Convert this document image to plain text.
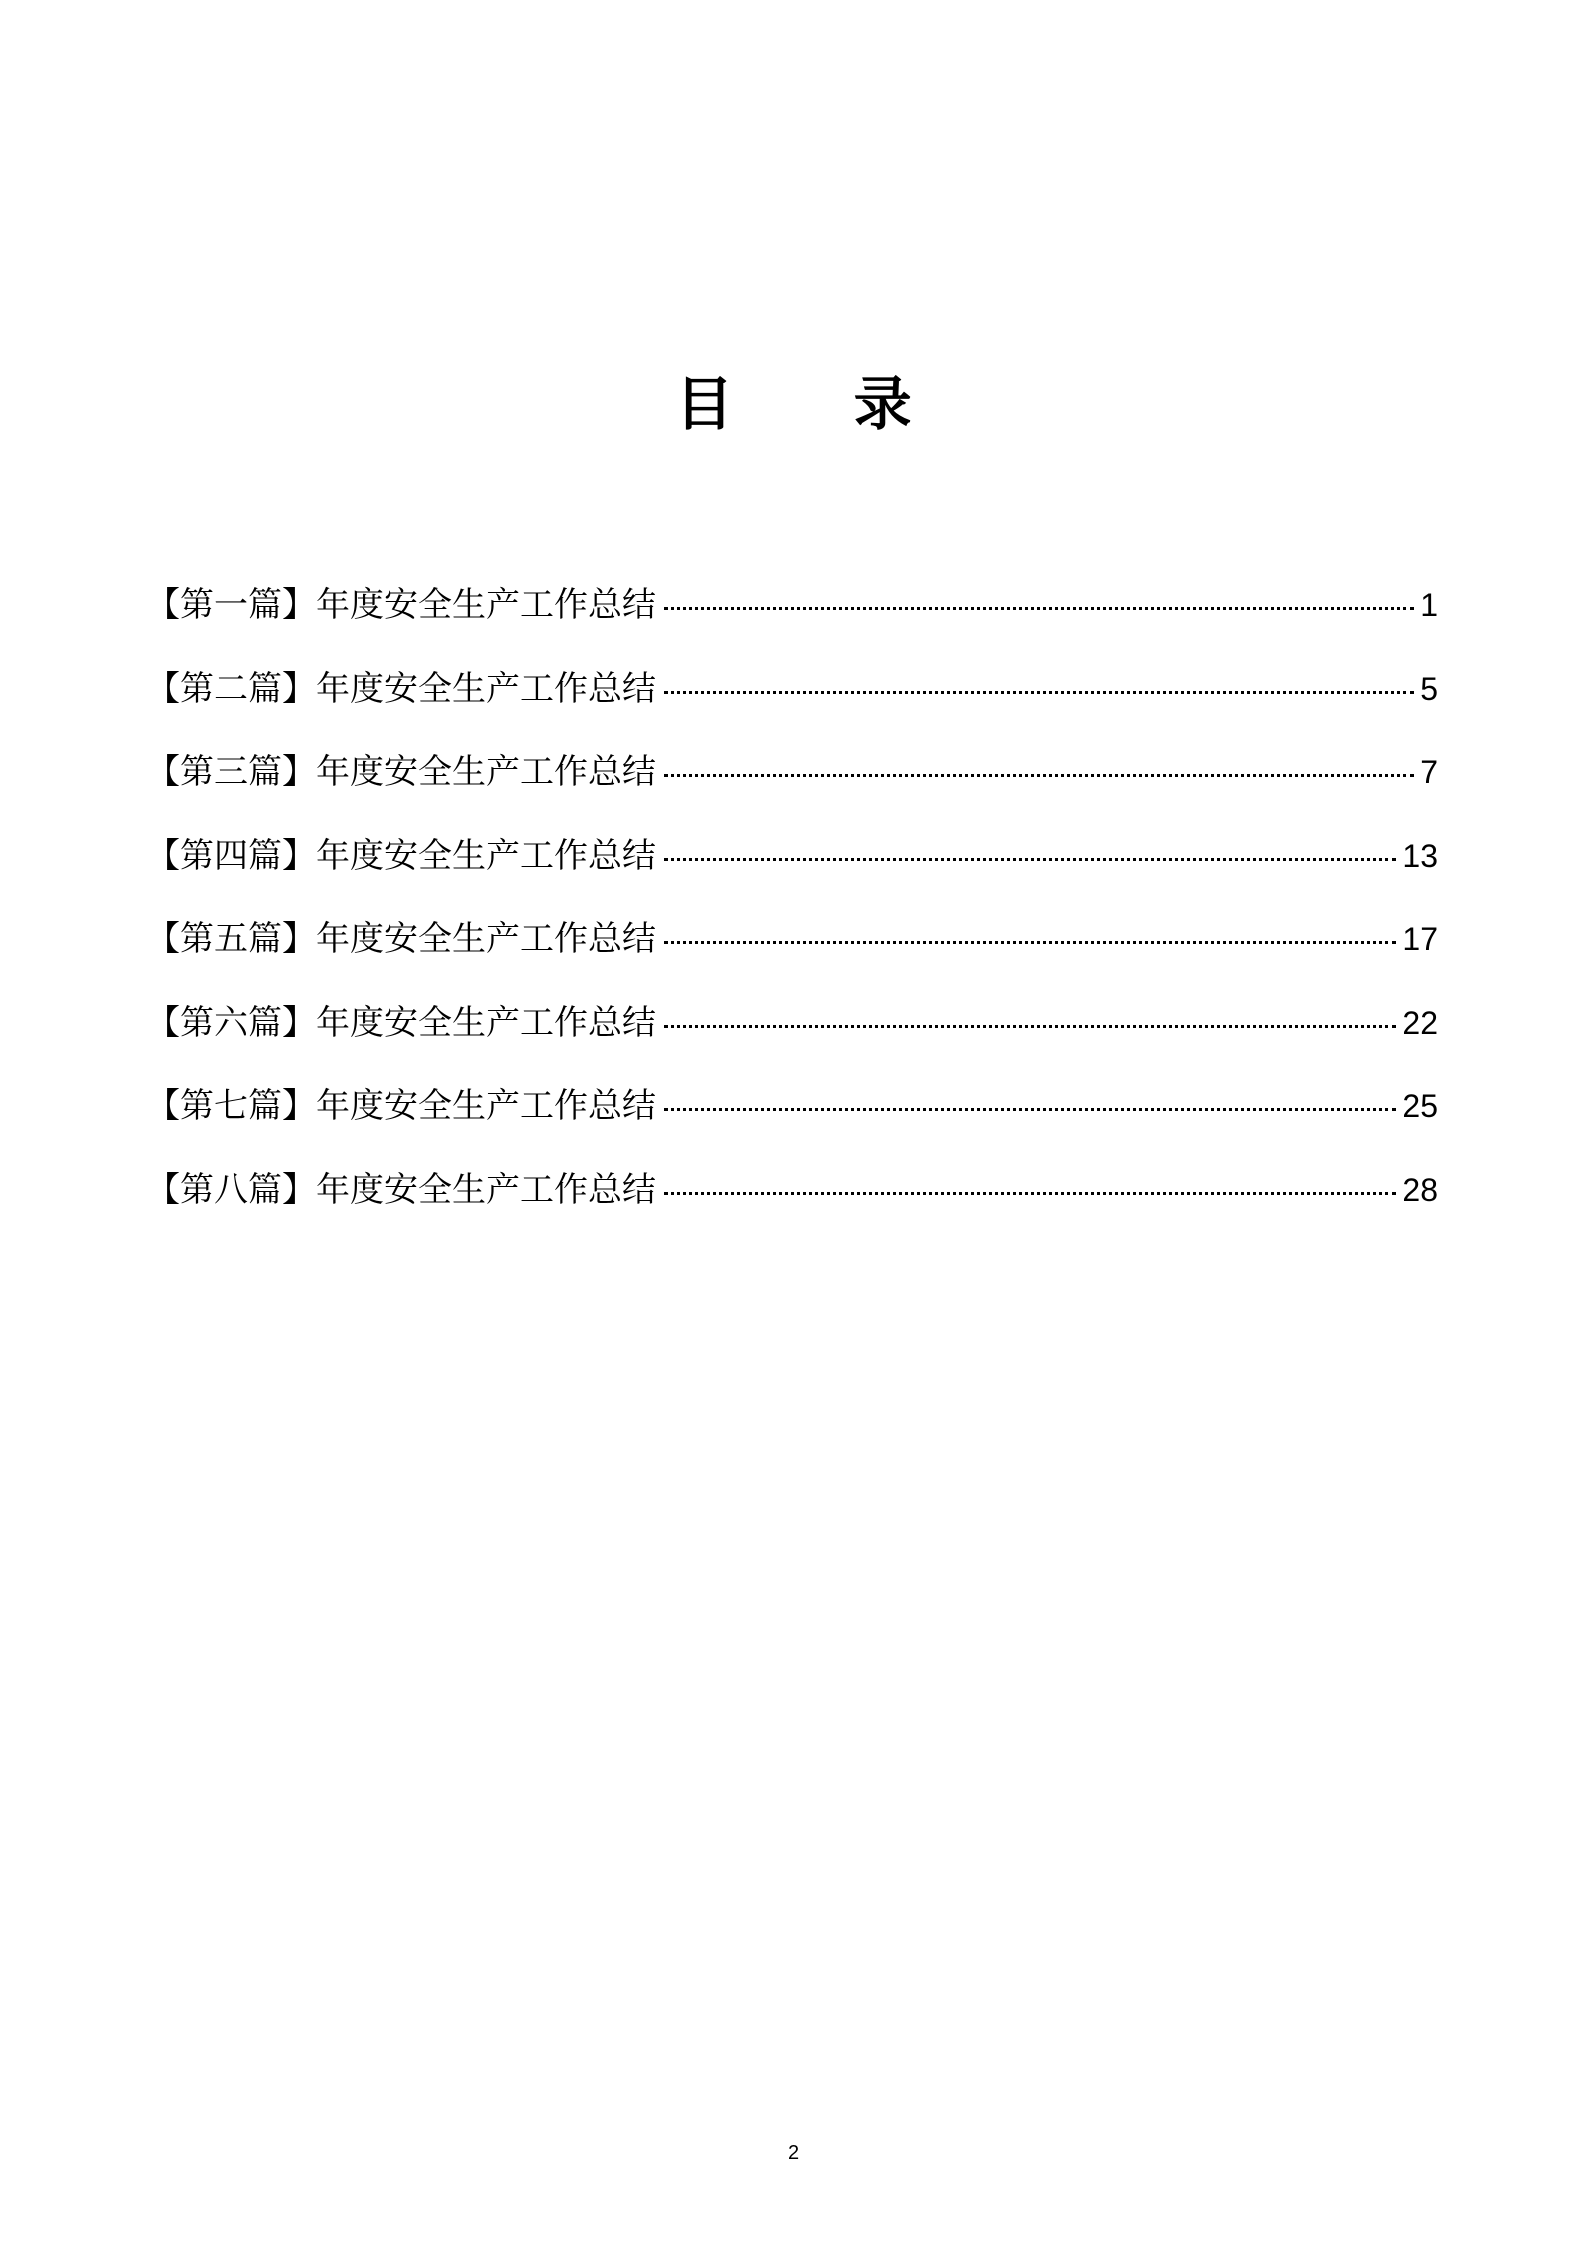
目 录
【第一篇】年度安全生产工作总结	1
【第二篇】年度安全生产工作总结	5
【第三篇】年度安全生产工作总结	7
【第四篇】年度安全生产工作总结	13
【第五篇】年度安全生产工作总结	17
【第六篇】年度安全生产工作总结	22
【第七篇】年度安全生产工作总结	25
【第八篇】年度安全生产工作总结	28
2
